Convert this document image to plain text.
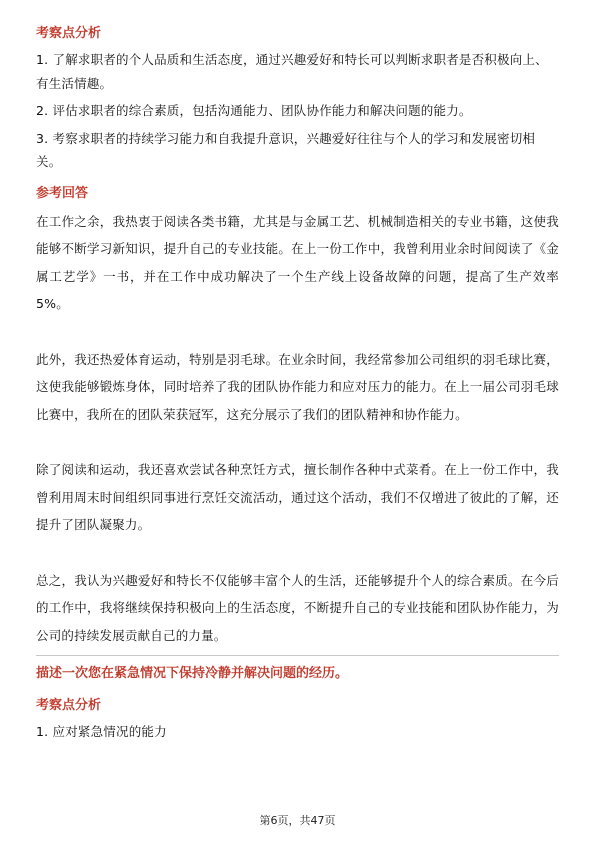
考察点分析
1. 了解求职者的个人品质和生活态度，通过兴趣爱好和特长可以判断求职者是否积极向上、有生活情趣。
2. 评估求职者的综合素质，包括沟通能力、团队协作能力和解决问题的能力。
3. 考察求职者的持续学习能力和自我提升意识，兴趣爱好往往与个人的学习和发展密切相关。
参考回答

在工作之余，我热衷于阅读各类书籍，尤其是与金属工艺、机械制造相关的专业书籍，这使我能够不断学习新知识，提升自己的专业技能。在上一份工作中，我曾利用业余时间阅读了《金属工艺学》一书，并在工作中成功解决了一个生产线上设备故障的问题，提高了生产效率5%。

此外，我还热爱体育运动，特别是羽毛球。在业余时间，我经常参加公司组织的羽毛球比赛，这使我能够锻炼身体，同时培养了我的团队协作能力和应对压力的能力。在上一届公司羽毛球比赛中，我所在的团队荣获冠军，这充分展示了我们的团队精神和协作能力。

除了阅读和运动，我还喜欢尝试各种烹饪方式，擅长制作各种中式菜肴。在上一份工作中，我曾利用周末时间组织同事进行烹饪交流活动，通过这个活动，我们不仅增进了彼此的了解，还提升了团队凝聚力。

总之，我认为兴趣爱好和特长不仅能够丰富个人的生活，还能够提升个人的综合素质。在今后的工作中，我将继续保持积极向上的生活态度，不断提升自己的专业技能和团队协作能力，为公司的持续发展贡献自己的力量。

描述一次您在紧急情况下保持冷静并解决问题的经历。
考察点分析
1. 应对紧急情况的能力
第6页，共47页
